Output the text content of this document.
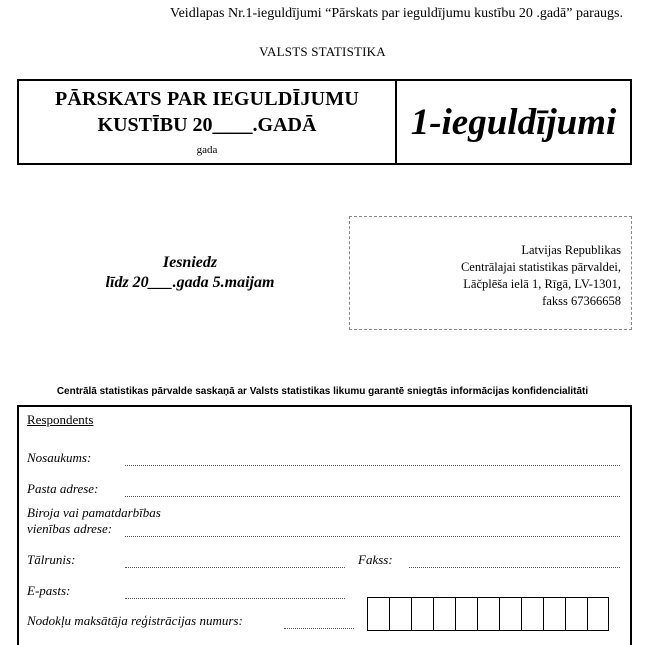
Veidlapas Nr.1-ieguldījumi “Pārskats par ieguldījumu kustību 20 .gadā” paraugs.
VALSTS STATISTIKA
PĀRSKATS PAR IEGULDĪJUMU
KUSTĪBU 20____.GADĀ
gada
1-ieguldījumi
Iesniedz
līdz 20___.gada 5.maijam
Latvijas Republikas
Centrālajai statistikas pārvaldei,
Lāčplēša ielā 1, Rīgā, LV-1301,
fakss 67366658
Centrālā statistikas pārvalde saskaņā ar Valsts statistikas likumu garantē sniegtās informācijas konfidencialitāti
Respondents
Nosaukums:
Pasta adrese:
Biroja vai pamatdarbības
vienības adrese:
Tālrunis:	Fakss:
E-pasts:
Nodokļu maksātāja reģistrācijas numurs:
